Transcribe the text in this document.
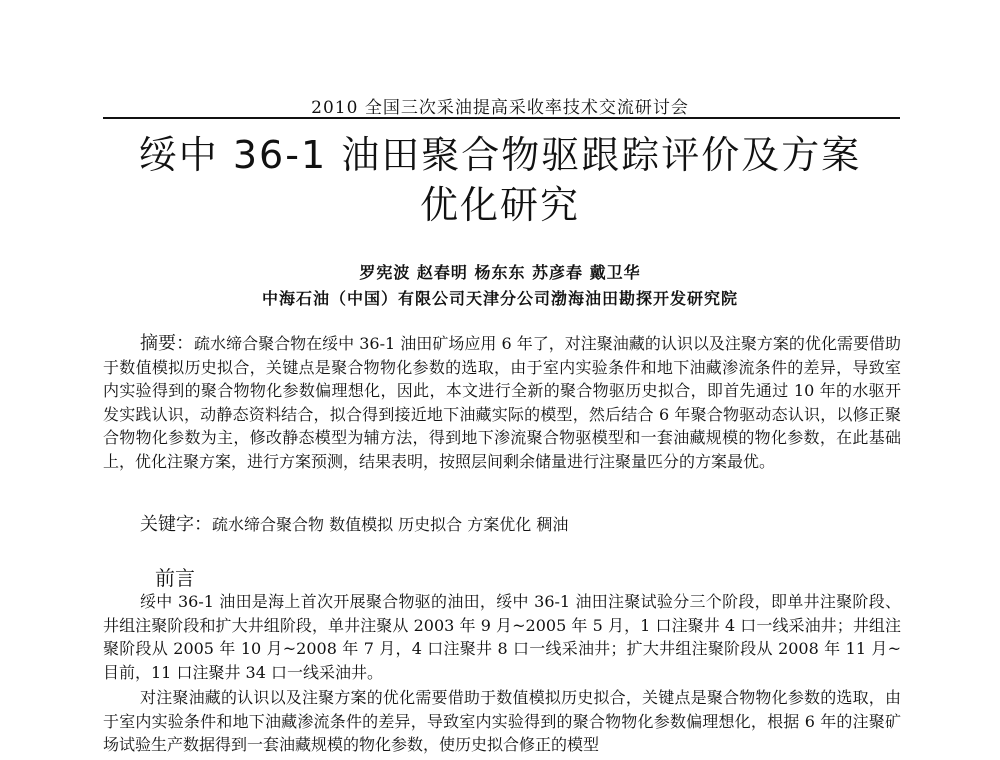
2010 全国三次采油提高采收率技术交流研讨会
绥中 36-1 油田聚合物驱跟踪评价及方案
优化研究
罗宪波 赵春明 杨东东 苏彦春 戴卫华
中海石油（中国）有限公司天津分公司渤海油田勘探开发研究院

摘要：疏水缔合聚合物在绥中 36-1 油田矿场应用 6 年了，对注聚油藏的认识以及注聚方案的优化需要借助于数值模拟历史拟合，关键点是聚合物物化参数的选取，由于室内实验条件和地下油藏渗流条件的差异，导致室内实验得到的聚合物物化参数偏理想化，因此，本文进行全新的聚合物驱历史拟合，即首先通过 10 年的水驱开发实践认识，动静态资料结合，拟合得到接近地下油藏实际的模型，然后结合 6 年聚合物驱动态认识，以修正聚合物物化参数为主，修改静态模型为辅方法，得到地下渗流聚合物驱模型和一套油藏规模的物化参数，在此基础上，优化注聚方案，进行方案预测，结果表明，按照层间剩余储量进行注聚量匹分的方案最优。

关键字：疏水缔合聚合物 数值模拟 历史拟合 方案优化 稠油

前言

绥中 36-1 油田是海上首次开展聚合物驱的油田，绥中 36-1 油田注聚试验分三个阶段，即单井注聚阶段、井组注聚阶段和扩大井组阶段，单井注聚从 2003 年 9 月~2005 年 5 月，1 口注聚井 4 口一线采油井；井组注聚阶段从 2005 年 10 月~2008 年 7 月，4 口注聚井 8 口一线采油井；扩大井组注聚阶段从 2008 年 11 月~目前，11 口注聚井 34 口一线采油井。

对注聚油藏的认识以及注聚方案的优化需要借助于数值模拟历史拟合，关键点是聚合物物化参数的选取，由于室内实验条件和地下油藏渗流条件的差异，导致室内实验得到的聚合物物化参数偏理想化，根据 6 年的注聚矿场试验生产数据得到一套油藏规模的物化参数，使历史拟合修正的模型
